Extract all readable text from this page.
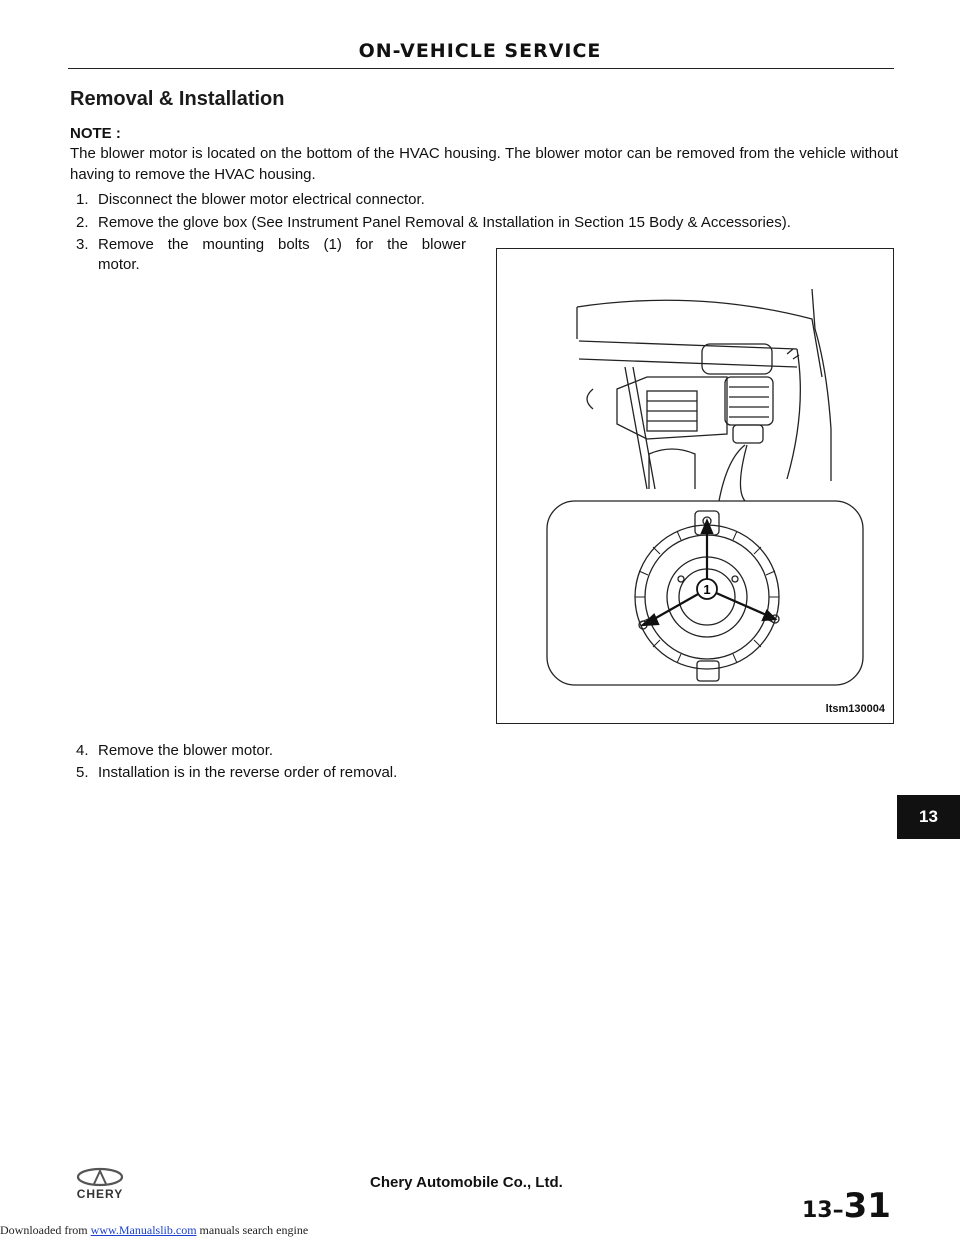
ON-VEHICLE SERVICE
Removal & Installation
NOTE :
The blower motor is located on the bottom of the HVAC housing. The blower motor can be removed from the vehicle without having to remove the HVAC housing.
1. Disconnect the blower motor electrical connector.
2. Remove the glove box (See Instrument Panel Removal & Installation in Section 15 Body & Accessories).
3. Remove the mounting bolts (1) for the blower
motor.
4. Remove the blower motor.
5. Installation is in the reverse order of removal.
1
ltsm130004
13
CHERY
Chery Automobile Co., Ltd.
13–31
Downloaded from www.Manualslib.com manuals search engine
